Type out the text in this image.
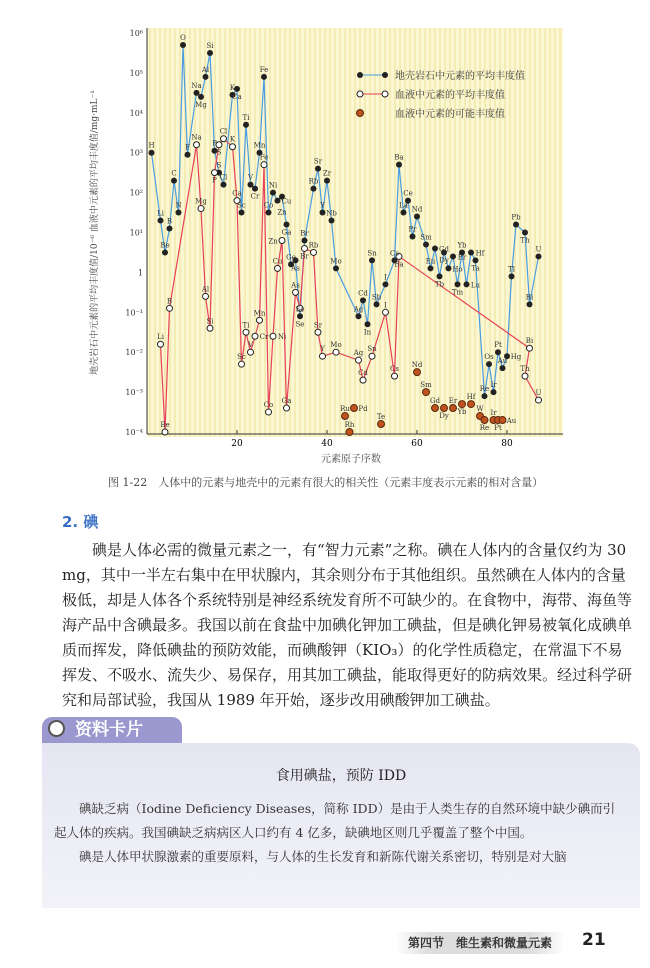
10⁻⁴
10⁻³
10⁻²
10⁻¹
1
10¹
10²
10³
10⁴
10⁵
10⁶
20	40	60	80
元素原子序数
地壳岩石中元素的平均丰度值/10⁻⁶ 血液中元素的平均丰度值/mg·mL⁻¹
地壳岩石中元素的平均丰度值
血液中元素的平均丰度值
血液中元素的可能丰度值
H
Li
Be
B
C
N
O
F
Na
Mg
Al
Si
P
S
Cl
K
Ca
Sc
Ti
V
Cr
Mn
Fe
Co
Ni
Cu
Zn
Ga
Ge
As
Se
Br
Rb
Sr
Y
Zr
Nb
Mo
Ag
Cd
In
Sn
Sb
I
Cs
Ba
La
Ce
Pr
Nd
Sm
Eu
Gd
Tb
Dy
Ho
Er
Tm
Yb
Lu
Hf
Ta
Re
Os
Ir
Pt
Au Hg
Tl
Pb
Th
Bi
U
Li
Be
B
Na
Mg
Al
Si
P
S
Cl
K
Ca
Sc
Ti
V
Cr
Mn
Fe
Co
Ni
Cu
Zn
Ga
As
Se
Br
Rb
Sr
Y Mo
Ag
Cd
Sn
I
Cs
Ba
Bi
Th
U
Ru
Rh
Pd
Te
Nd
Sm
Gd
Dy
Er
Yb
Hf
W
Re
Ir
Pt
Au
图 1-22　人体中的元素与地壳中的元素有很大的相关性（元素丰度表示元素的相对含量）
2. 碘

碘是人体必需的微量元素之一，有“智力元素”之称。碘在人体内的含量仅约为 30 mg，其中一半左右集中在甲状腺内，其余则分布于其他组织。虽然碘在人体内的含量极低，却是人体各个系统特别是神经系统发育所不可缺少的。在食物中，海带、海鱼等海产品中含碘最多。我国以前在食盐中加碘化钾加工碘盐，但是碘化钾易被氧化成碘单质而挥发，降低碘盐的预防效能，而碘酸钾（KIO₃）的化学性质稳定，在常温下不易挥发、不吸水、流失少、易保存，用其加工碘盐，能取得更好的防病效果。经过科学研究和局部试验，我国从 1989 年开始，逐步改用碘酸钾加工碘盐。

资料卡片
食用碘盐，预防 IDD

碘缺乏病（Iodine Deficiency Diseases，简称 IDD）是由于人类生存的自然环境中缺少碘而引起人体的疾病。我国碘缺乏病病区人口约有 4 亿多，缺碘地区则几乎覆盖了整个中国。

碘是人体甲状腺激素的重要原料，与人体的生长发育和新陈代谢关系密切，特别是对大脑

第四节　维生素和微量元素	21
